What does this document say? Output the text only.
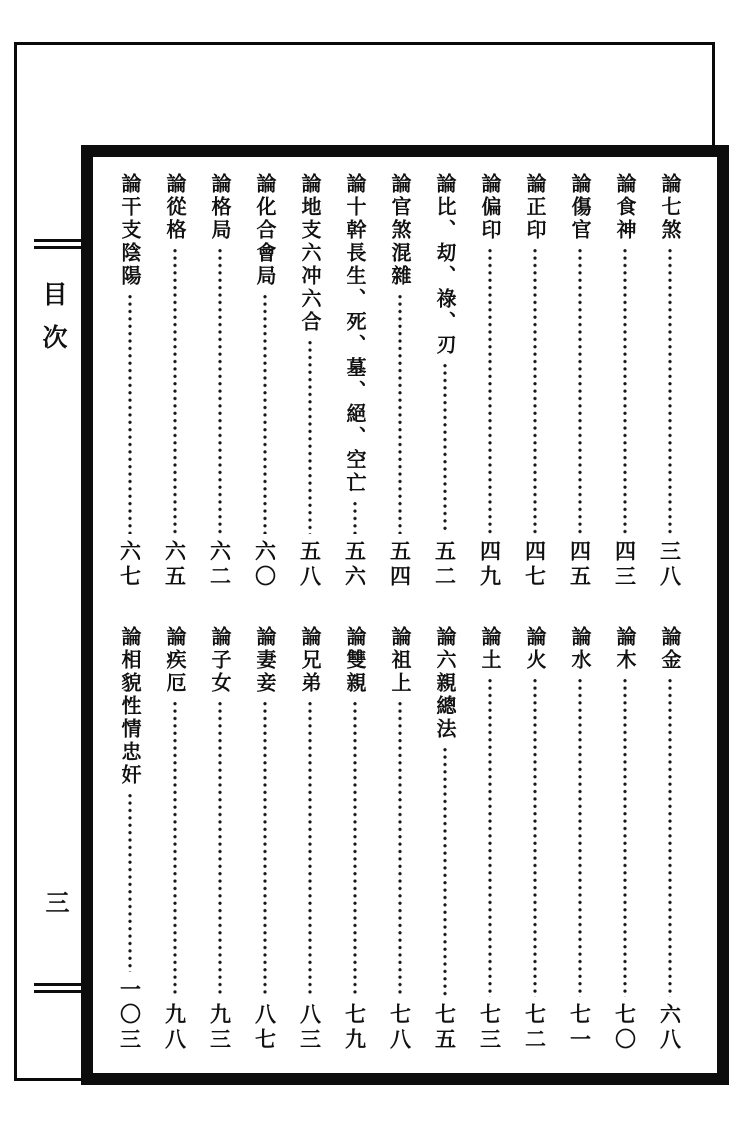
目次
三
論七煞
三八
論金
六八
論食神
四三
論木
七〇
論傷官
四五
論水
七一
論正印
四七
論火
七二
論偏印
四九
論土
七三
論比、刧、祿、刃
五二
論六親總法
七五
論官煞混雜
五四
論祖上
七八
論十幹長生、死、墓、絕、空亡
五六
論雙親
七九
論地支六冲六合
五八
論兄弟
八三
論化合會局
六〇
論妻妾
八七
論格局
六二
論子女
九三
論從格
六五
論疾厄
九八
論干支陰陽
六七
論相貌性情忠奸
一〇三
